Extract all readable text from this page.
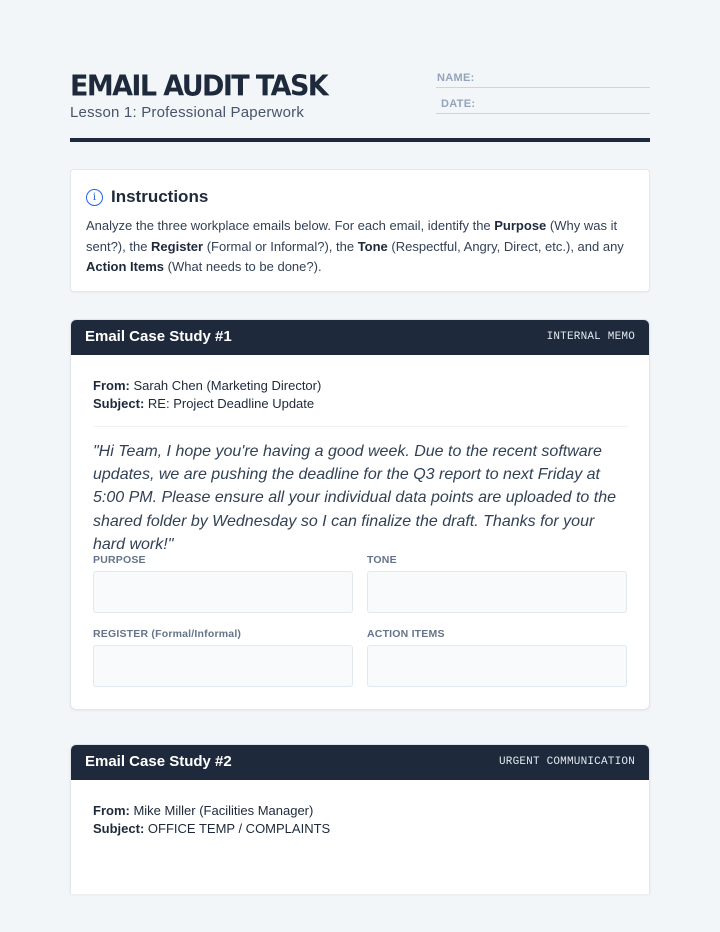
EMAIL AUDIT TASK
Lesson 1: Professional Paperwork
NAME:
DATE:
i Instructions

Analyze the three workplace emails below. For each email, identify the Purpose (Why was it sent?), the Register (Formal or Informal?), the Tone (Respectful, Angry, Direct, etc.), and any Action Items (What needs to be done?).

Email Case Study #1	INTERNAL MEMO
From: Sarah Chen (Marketing Director)
Subject: RE: Project Deadline Update

"Hi Team, I hope you're having a good week. Due to the recent software updates, we are pushing the deadline for the Q3 report to next Friday at 5:00 PM. Please ensure all your individual data points are uploaded to the shared folder by Wednesday so I can finalize the draft. Thanks for your hard work!"

PURPOSE	TONE
REGISTER (Formal/Informal)	ACTION ITEMS
Email Case Study #2	URGENT COMMUNICATION
From: Mike Miller (Facilities Manager)
Subject: OFFICE TEMP / COMPLAINTS
